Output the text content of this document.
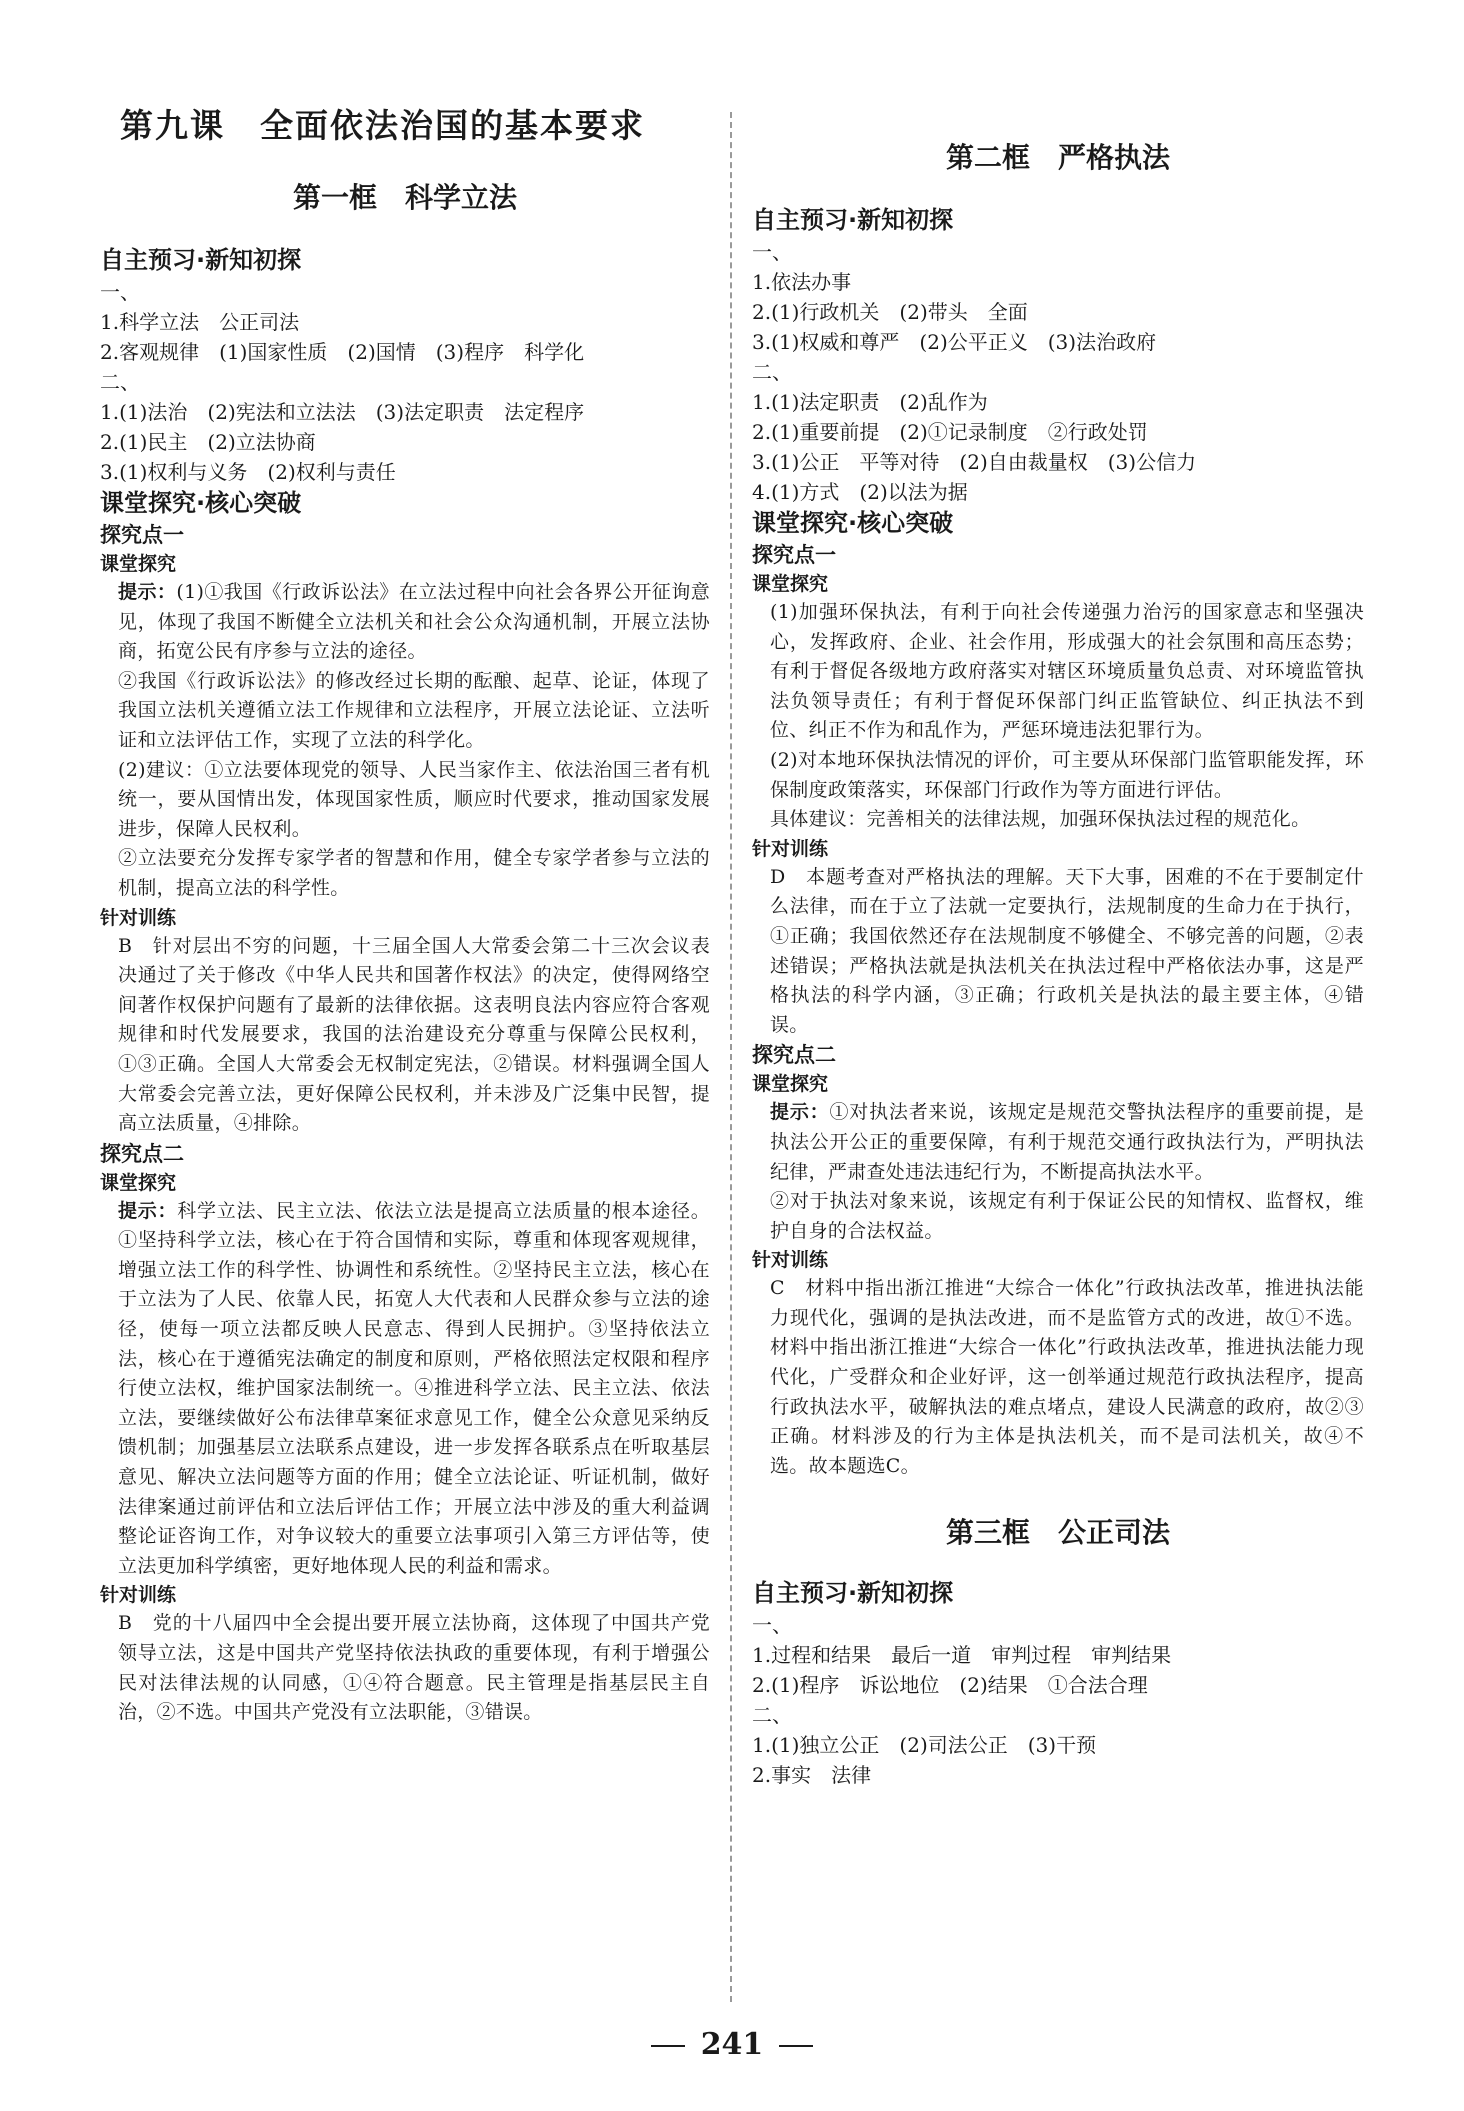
第九课　全面依法治国的基本要求
第一框　科学立法
自主预习·新知初探
一、
1.科学立法　公正司法
2.客观规律　(1)国家性质　(2)国情　(3)程序　科学化
二、
1.(1)法治　(2)宪法和立法法　(3)法定职责　法定程序
2.(1)民主　(2)立法协商
3.(1)权利与义务　(2)权利与责任
课堂探究·核心突破
探究点一
课堂探究
提示：(1)①我国《行政诉讼法》在立法过程中向社会各界公开征询意见，体现了我国不断健全立法机关和社会公众沟通机制，开展立法协商，拓宽公民有序参与立法的途径。
②我国《行政诉讼法》的修改经过长期的酝酿、起草、论证，体现了我国立法机关遵循立法工作规律和立法程序，开展立法论证、立法听证和立法评估工作，实现了立法的科学化。
(2)建议：①立法要体现党的领导、人民当家作主、依法治国三者有机统一，要从国情出发，体现国家性质，顺应时代要求，推动国家发展进步，保障人民权利。
②立法要充分发挥专家学者的智慧和作用，健全专家学者参与立法的机制，提高立法的科学性。
针对训练
B　针对层出不穷的问题，十三届全国人大常委会第二十三次会议表决通过了关于修改《中华人民共和国著作权法》的决定，使得网络空间著作权保护问题有了最新的法律依据。这表明良法内容应符合客观规律和时代发展要求，我国的法治建设充分尊重与保障公民权利，①③正确。全国人大常委会无权制定宪法，②错误。材料强调全国人大常委会完善立法，更好保障公民权利，并未涉及广泛集中民智，提高立法质量，④排除。
探究点二
课堂探究
提示：科学立法、民主立法、依法立法是提高立法质量的根本途径。①坚持科学立法，核心在于符合国情和实际，尊重和体现客观规律，增强立法工作的科学性、协调性和系统性。②坚持民主立法，核心在于立法为了人民、依靠人民，拓宽人大代表和人民群众参与立法的途径，使每一项立法都反映人民意志、得到人民拥护。③坚持依法立法，核心在于遵循宪法确定的制度和原则，严格依照法定权限和程序行使立法权，维护国家法制统一。④推进科学立法、民主立法、依法立法，要继续做好公布法律草案征求意见工作，健全公众意见采纳反馈机制；加强基层立法联系点建设，进一步发挥各联系点在听取基层意见、解决立法问题等方面的作用；健全立法论证、听证机制，做好法律案通过前评估和立法后评估工作；开展立法中涉及的重大利益调整论证咨询工作，对争议较大的重要立法事项引入第三方评估等，使立法更加科学缜密，更好地体现人民的利益和需求。
针对训练
B　党的十八届四中全会提出要开展立法协商，这体现了中国共产党领导立法，这是中国共产党坚持依法执政的重要体现，有利于增强公民对法律法规的认同感，①④符合题意。民主管理是指基层民主自治，②不选。中国共产党没有立法职能，③错误。
第二框　严格执法
自主预习·新知初探
一、
1.依法办事
2.(1)行政机关　(2)带头　全面
3.(1)权威和尊严　(2)公平正义　(3)法治政府
二、
1.(1)法定职责　(2)乱作为
2.(1)重要前提　(2)①记录制度　②行政处罚
3.(1)公正　平等对待　(2)自由裁量权　(3)公信力
4.(1)方式　(2)以法为据
课堂探究·核心突破
探究点一
课堂探究
(1)加强环保执法，有利于向社会传递强力治污的国家意志和坚强决心，发挥政府、企业、社会作用，形成强大的社会氛围和高压态势；有利于督促各级地方政府落实对辖区环境质量负总责、对环境监管执法负领导责任；有利于督促环保部门纠正监管缺位、纠正执法不到位、纠正不作为和乱作为，严惩环境违法犯罪行为。
(2)对本地环保执法情况的评价，可主要从环保部门监管职能发挥，环保制度政策落实，环保部门行政作为等方面进行评估。
具体建议：完善相关的法律法规，加强环保执法过程的规范化。
针对训练
D　本题考查对严格执法的理解。天下大事，困难的不在于要制定什么法律，而在于立了法就一定要执行，法规制度的生命力在于执行，①正确；我国依然还存在法规制度不够健全、不够完善的问题，②表述错误；严格执法就是执法机关在执法过程中严格依法办事，这是严格执法的科学内涵，③正确；行政机关是执法的最主要主体，④错误。
探究点二
课堂探究
提示：①对执法者来说，该规定是规范交警执法程序的重要前提，是执法公开公正的重要保障，有利于规范交通行政执法行为，严明执法纪律，严肃查处违法违纪行为，不断提高执法水平。
②对于执法对象来说，该规定有利于保证公民的知情权、监督权，维护自身的合法权益。
针对训练
C　材料中指出浙江推进“大综合一体化”行政执法改革，推进执法能力现代化，强调的是执法改进，而不是监管方式的改进，故①不选。材料中指出浙江推进“大综合一体化”行政执法改革，推进执法能力现代化，广受群众和企业好评，这一创举通过规范行政执法程序，提高行政执法水平，破解执法的难点堵点，建设人民满意的政府，故②③正确。材料涉及的行为主体是执法机关，而不是司法机关，故④不选。故本题选C。
第三框　公正司法
自主预习·新知初探
一、
1.过程和结果　最后一道　审判过程　审判结果
2.(1)程序　诉讼地位　(2)结果　①合法合理
二、
1.(1)独立公正　(2)司法公正　(3)干预
2.事实　法律
241
